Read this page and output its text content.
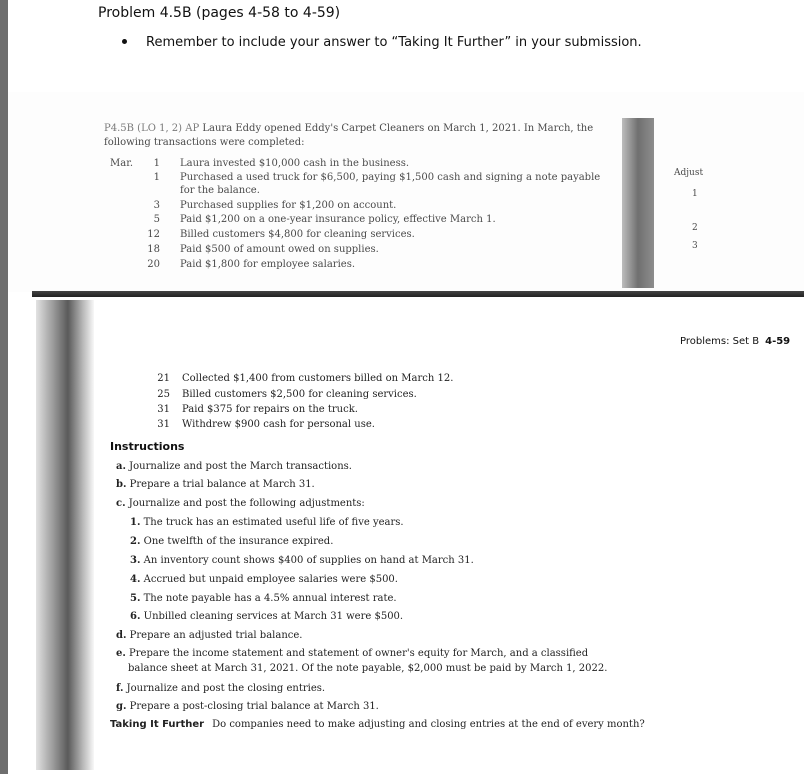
Problem 4.5B (pages 4-58 to 4-59)
Remember to include your answer to “Taking It Further” in your submission.
P4.5B (LO 1, 2) AP Laura Eddy opened Eddy's Carpet Cleaners on March 1, 2021. In March, the following transactions were completed:
Mar.	1 Laura invested $10,000 cash in the business.
1 Purchased a used truck for $6,500, paying $1,500 cash and signing a note payable for the balance.
3 Purchased supplies for $1,200 on account.
5 Paid $1,200 on a one-year insurance policy, effective March 1.
12 Billed customers $4,800 for cleaning services.
18 Paid $500 of amount owed on supplies.
20 Paid $1,800 for employee salaries.
Adjust
1
2
3
Problems: Set B 4-59
21 Collected $1,400 from customers billed on March 12.
25 Billed customers $2,500 for cleaning services.
31 Paid $375 for repairs on the truck.
31 Withdrew $900 cash for personal use.
Instructions
a. Journalize and post the March transactions.
b. Prepare a trial balance at March 31.
c. Journalize and post the following adjustments:
1. The truck has an estimated useful life of five years.
2. One twelfth of the insurance expired.
3. An inventory count shows $400 of supplies on hand at March 31.
4. Accrued but unpaid employee salaries were $500.
5. The note payable has a 4.5% annual interest rate.
6. Unbilled cleaning services at March 31 were $500.
d. Prepare an adjusted trial balance.
e. Prepare the income statement and statement of owner's equity for March, and a classified balance sheet at March 31, 2021. Of the note payable, $2,000 must be paid by March 1, 2022.
f. Journalize and post the closing entries.
g. Prepare a post-closing trial balance at March 31.
Taking It Further Do companies need to make adjusting and closing entries at the end of every month?
